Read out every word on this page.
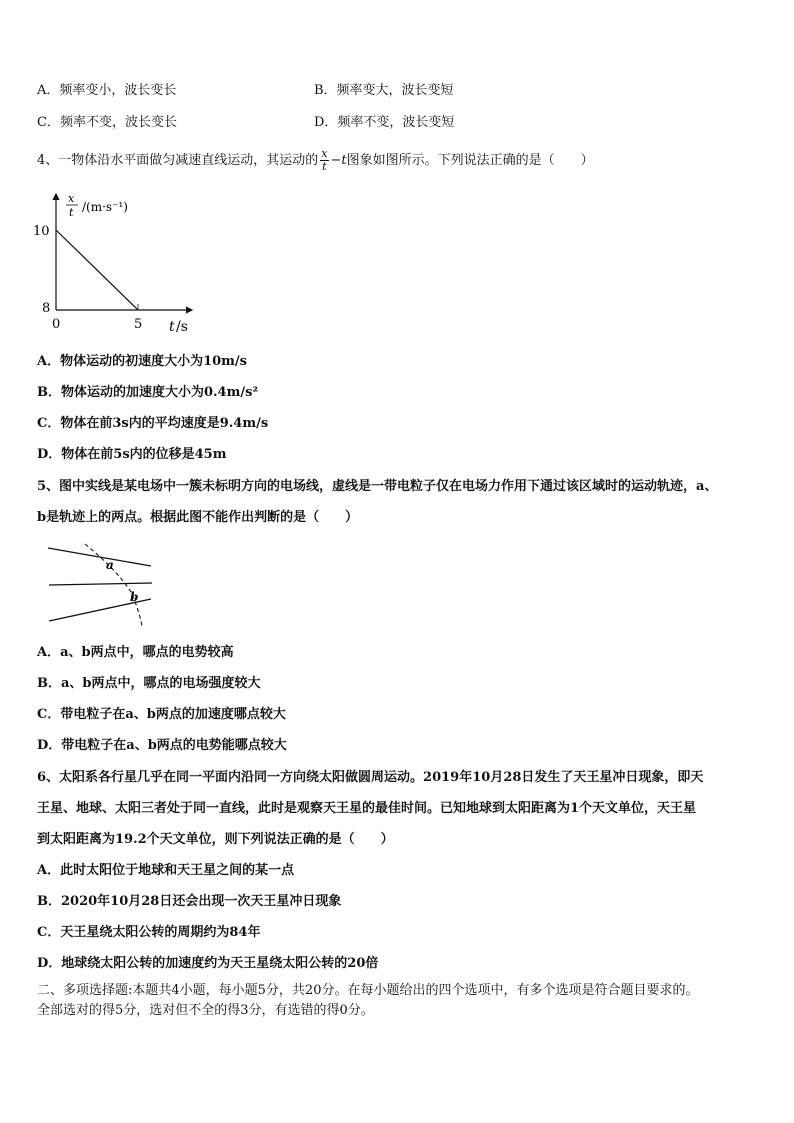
A．频率变小，波长变长	B．频率变大，波长变短
C．频率不变，波长变长	D．频率不变，波长变短
4、一物体沿水平面做匀减速直线运动，其运动的 $\frac{x}{t} -t$图象如图所示。下列说法正确的是（　　）
x
t /(m·s⁻¹)
10
8
0	5 t /s
A．物体运动的初速度大小为10m/s
B．物体运动的加速度大小为0.4m/s²
C．物体在前3s内的平均速度是9.4m/s
D．物体在前5s内的位移是45m
5、图中实线是某电场中一簇未标明方向的电场线，虚线是一带电粒子仅在电场力作用下通过该区域时的运动轨迹，a、
b是轨迹上的两点。根据此图不能作出判断的是（　　）
a
b
A．a、b两点中，哪点的电势较高
B．a、b两点中，哪点的电场强度较大
C．带电粒子在a、b两点的加速度哪点较大
D．带电粒子在a、b两点的电势能哪点较大
6、太阳系各行星几乎在同一平面内沿同一方向绕太阳做圆周运动。2019年10月28日发生了天王星冲日现象，即天
王星、地球、太阳三者处于同一直线，此时是观察天王星的最佳时间。已知地球到太阳距离为1个天文单位，天王星
到太阳距离为19.2个天文单位，则下列说法正确的是（　　）
A．此时太阳位于地球和天王星之间的某一点
B．2020年10月28日还会出现一次天王星冲日现象
C．天王星绕太阳公转的周期约为84年
D．地球绕太阳公转的加速度约为天王星绕太阳公转的20倍
二、多项选择题:本题共4小题，每小题5分，共20分。在每小题给出的四个选项中，有多个选项是符合题目要求的。
全部选对的得5分，选对但不全的得3分，有选错的得0分。
